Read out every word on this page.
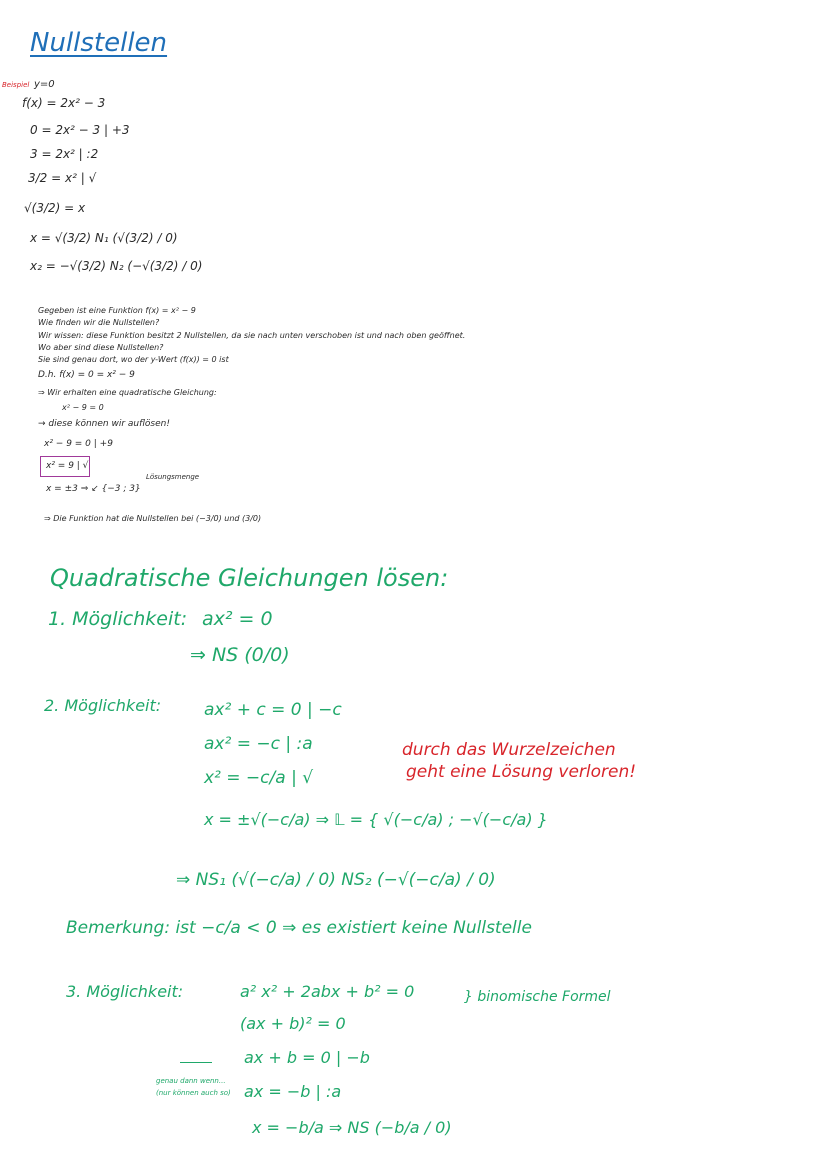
Nullstellen
Beispiel y=0
f(x) = 2x² − 3
0 = 2x² − 3 | +3
3 = 2x² | :2
3/2 = x² | √
√(3/2) = x
x = √(3/2) N₁ (√(3/2) / 0)
x₂ = −√(3/2) N₂ (−√(3/2) / 0)
Gegeben ist eine Funktion f(x) = x² − 9
Wie finden wir die Nullstellen?
Wir wissen: diese Funktion besitzt 2 Nullstellen, da sie nach unten verschoben ist und nach oben geöffnet.
Wo aber sind diese Nullstellen?
Sie sind genau dort, wo der y-Wert (f(x)) = 0 ist
D.h. f(x) = 0 = x² − 9
⇒ Wir erhalten eine quadratische Gleichung:
x² − 9 = 0
→ diese können wir auflösen!
x² − 9 = 0 | +9
x² = 9 | √
Lösungsmenge
x = ±3 ⇒ ↙ {−3 ; 3}
⇒ Die Funktion hat die Nullstellen bei (−3/0) und (3/0)
Quadratische Gleichungen lösen:
1. Möglichkeit: ax² = 0
⇒ NS (0/0)
2. Möglichkeit:	ax² + c = 0 | −c
ax² = −c | :a
x² = −c/a | √
x = ±√(−c/a) ⇒ 𝕃 = { √(−c/a) ; −√(−c/a) }
durch das Wurzelzeichen
geht eine Lösung verloren!
⇒ NS₁ (√(−c/a) / 0) NS₂ (−√(−c/a) / 0)
Bemerkung: ist −c/a < 0 ⇒ es existiert keine Nullstelle
3. Möglichkeit:	a² x² + 2abx + b² = 0	} binomische Formel
(ax + b)² = 0
ax + b = 0 | −b
genau dann wenn...
(nur können auch so) ax = −b | :a
x = −b/a ⇒ NS (−b/a / 0)
